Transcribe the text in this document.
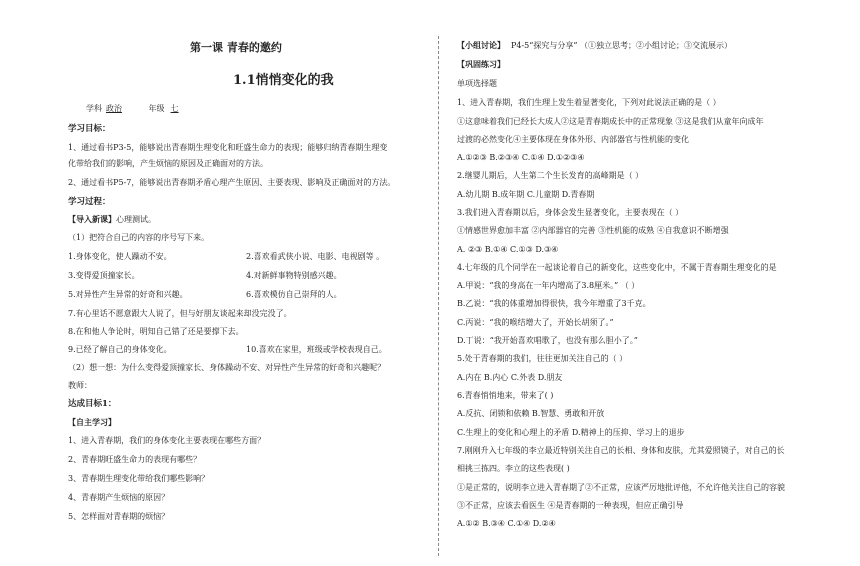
第一课 青春的邀约
1.1悄悄变化的我
学科 政治	年级 七
学习目标：
1、通过看书P3-5，能够说出青春期生理变化和旺盛生命力的表现；能够归纳青春期生理变
化带给我们的影响，产生烦恼的原因及正确面对的方法。
2、通过看书P5-7，能够说出青春期矛盾心理产生原因、主要表现、影响及正确面对的方法。
学习过程：
【导入新课】心理测试。
（1）把符合自己的内容的序号写下来。
1.身体变化，使人躁动不安。	2.喜欢看武侠小说、电影、电视剧等 。
3.变得爱顶撞家长。	4.对新鲜事物特别感兴趣。
5.对异性产生异常的好奇和兴趣。	6.喜欢模仿自己崇拜的人。
7.有心里话不愿意跟大人说了，但与好朋友谈起来却没完没了。
8.在和他人争论时，明知自己错了还是要撑下去。
9.已经了解自己的身体变化。	10.喜欢在家里，班级或学校表现自己。
（2）想一想：为什么变得爱顶撞家长、身体躁动不安、对异性产生异常的好奇和兴趣呢？
教师：
达成目标1：
【自主学习】
1、进入青春期，我们的身体变化主要表现在哪些方面？
2、青春期旺盛生命力的表现有哪些？
3、青春期生理变化带给我们哪些影响？
4、青春期产生烦恼的原因？
5、怎样面对青春期的烦恼？
【小组讨论】 P4-5“探究与分享” （①独立思考；②小组讨论；③交流展示）
【巩固练习】
单项选择题
1、进入青春期，我们生理上发生着显著变化，下列对此说法正确的是（ ）
①这意味着我们已经长大成人②这是青春期成长中的正常现象 ③这是我们从童年向成年
过渡的必然变化④主要体现在身体外形、内部器官与性机能的变化
A.①②③ B.②③④ C.①④ D.①②③④
2.继婴儿期后，人生第二个生长发育的高峰期是（ ）
A.幼儿期 B.成年期 C.儿童期 D.青春期
3.我们进入青春期以后，身体会发生显著变化，主要表现在（ ）
①情感世界愈加丰富 ②内部器官的完善 ③性机能的成熟 ④自我意识不断增强
A. ②③ B.①④ C.①③ D.③④
4.七年级的几个同学在一起谈论着自己的新变化，这些变化中，不属于青春期生理变化的是
A.甲说：“我的身高在一年内增高了3.8厘米。” （ ）
B.乙说：“我的体重增加得很快，我今年增重了3千克。
C.丙说：“我的喉结增大了，开始长胡须了。”
D.丁说：“我开始喜欢唱歌了，也没有那么胆小了。”
5.处于青春期的我们，往往更加关注自己的（ ）
A.内在 B.内心 C.外表 D.朋友
6.青春悄悄地来，带来了( )
A.反抗、闭锁和依赖 B.智慧、勇敢和开放
C.生理上的变化和心理上的矛盾 D.精神上的压抑、学习上的退步
7.刚刚升入七年级的李立最近特别关注自己的长相、身体和皮肤，尤其爱照镜子，对自己的长
相挑三拣四。李立的这些表现( )
①是正常的，说明李立进入青春期了②不正常，应该严厉地批评他，不允许他关注自己的容貌
③不正常，应该去看医生 ④是青春期的一种表现，但应正确引导
A.①② B.③④ C.①④ D.②④
